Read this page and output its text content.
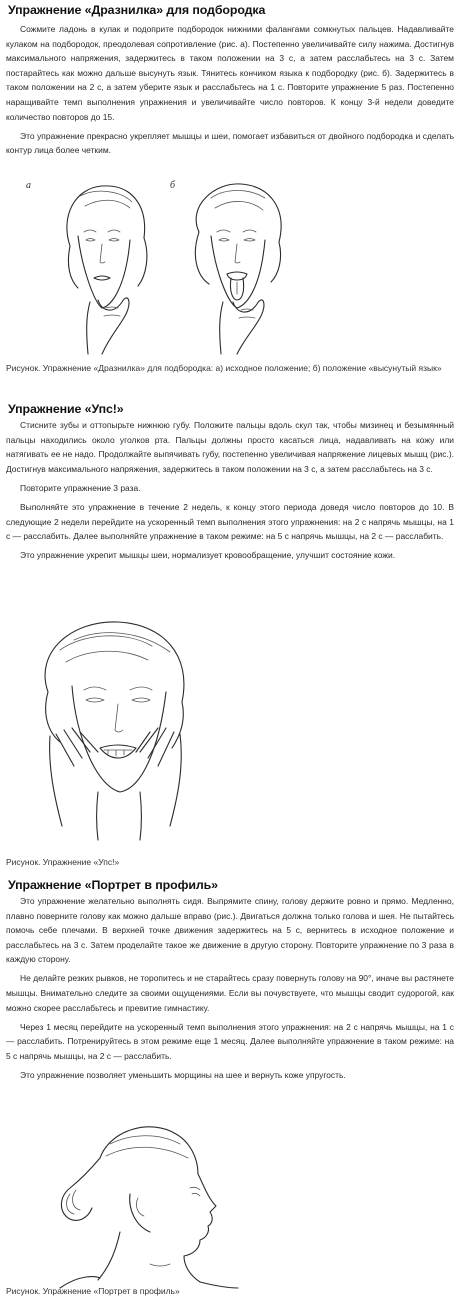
Упражнение «Дразнилка» для подбородка

Сожмите ладонь в кулак и подоприте подбородок нижними фалангами сомкнутых пальцев. Надавливайте кулаком на подбородок, преодолевая сопротивление (рис. а). Постепенно увеличивайте силу нажима. Достигнув максимального напряжения, задержитесь в таком положении на 3 с, а затем расслабьтесь на 3 с. Затем постарайтесь как можно дальше высунуть язык. Тянитесь кончиком языка к подбородку (рис. б). Задержитесь в таком положении на 2 с, а затем уберите язык и расслабьтесь на 1 с. Повторите упражнение 5 раз. Постепенно наращивайте темп выполнения упражнения и увеличивайте число повторов. К концу 3-й недели доведите количество повторов до 15.

Это упражнение прекрасно укрепляет мышцы и шеи, помогает избавиться от двойного подбородка и сделать контур лица более четким.

а	б
Рисунок. Упражнение «Дразнилка» для подбородка: а) исходное положение; б) положение «высунутый язык»
Упражнение «Упс!»

Стисните зубы и оттопырьте нижнюю губу. Положите пальцы вдоль скул так, чтобы мизинец и безымянный пальцы находились около уголков рта. Пальцы должны просто касаться лица, надавливать на кожу или натягивать ее не надо. Продолжайте выпячивать губу, постепенно увеличивая напряжение лицевых мышц (рис.). Достигнув максимального напряжения, задержитесь в таком положении на 3 с, а затем расслабьтесь на 3 с.

Повторите упражнение 3 раза.

Выполняйте это упражнение в течение 2 недель, к концу этого периода доведя число повторов до 10. В следующие 2 недели перейдите на ускоренный темп выполнения этого упражнения: на 2 с напрячь мышцы, на 1 с — расслабить. Далее выполняйте упражнение в таком режиме: на 5 с напрячь мышцы, на 2 с — расслабить.

Это упражнение укрепит мышцы шеи, нормализует кровообращение, улучшит состояние кожи.

Рисунок. Упражнение «Упс!»
Упражнение «Портрет в профиль»

Это упражнение желательно выполнять сидя. Выпрямите спину, голову держите ровно и прямо. Медленно, плавно поверните голову как можно дальше вправо (рис.). Двигаться должна только голова и шея. Не пытайтесь помочь себе плечами. В верхней точке движения задержитесь на 5 с, вернитесь в исходное положение и расслабьтесь на 3 с. Затем проделайте такое же движение в другую сторону. Повторите упражнение по 3 раза в каждую сторону.

Не делайте резких рывков, не торопитесь и не старайтесь сразу повернуть голову на 90°, иначе вы растянете мышцы. Внимательно следите за своими ощущениями. Если вы почувствуете, что мышцы сводит судорогой, как можно скорее расслабьтесь и превитие гимнастику.

Через 1 месяц перейдите на ускоренный темп выполнения этого упражнения: на 2 с напрячь мышцы, на 1 с — расслабить. Потренируйтесь в этом режиме еще 1 месяц. Далее выполняйте упражнение в таком режиме: на 5 с напрячь мышцы, на 2 с — расслабить.

Это упражнение позволяет уменьшить морщины на шее и вернуть коже упругость.

Рисунок. Упражнение «Портрет в профиль»
